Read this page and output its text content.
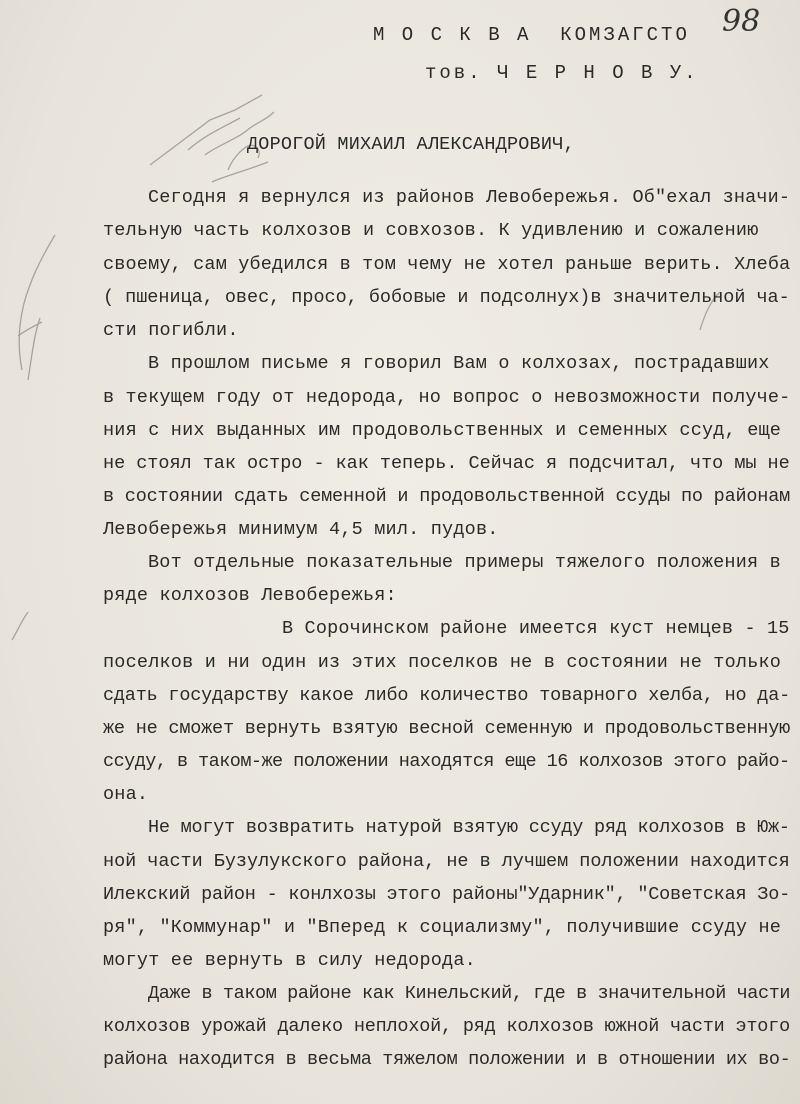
98
М О С К В А  КОМЗАГСТО
тов. Ч Е Р Н О В У.
ДОРОГОЙ МИХАИЛ АЛЕКСАНДРОВИЧ,
Сегодня я вернулся из районов Левобережья. Об"ехал значи-
тельную часть колхозов и совхозов. К удивлению и сожалению
своему, сам убедился в том чему не хотел раньше верить. Хлеба
( пшеница, овес, просо, бобовые и подсолнух)в значительной ча-
сти погибли.
В прошлом письме я говорил Вам о колхозах, пострадавших
в текущем году от недорода, но вопрос о невозможности получе-
ния с них выданных им продовольственных и семенных ссуд, еще
не стоял так остро - как теперь. Сейчас я подсчитал, что мы не
в состоянии сдать семенной и продовольственной ссуды по районам
Левобережья минимум 4,5 мил. пудов.
Вот отдельные показательные примеры тяжелого положения в
ряде колхозов Левобережья:
В Сорочинском районе имеется куст немцев - 15
поселков и ни один из этих поселков не в состоянии не только
сдать государству какое либо количество товарного хелба, но да-
же не сможет вернуть взятую весной семенную и продовольственную
ссуду, в таком-же положении находятся еще 16 колхозов этого райо-
она.
Не могут возвратить натурой взятую ссуду ряд колхозов в Юж-
ной части Бузулукского района, не в лучшем положении находится
Илекский район - конлхозы этого районы"Ударник", "Советская Зо-
ря", "Коммунар" и "Вперед к социализму", получившие ссуду не
могут ее вернуть в силу недорода.
Даже в таком районе как Кинельский, где в значительной части
колхозов урожай далеко неплохой, ряд колхозов южной части этого
района находится в весьма тяжелом положении и в отношении их во-
